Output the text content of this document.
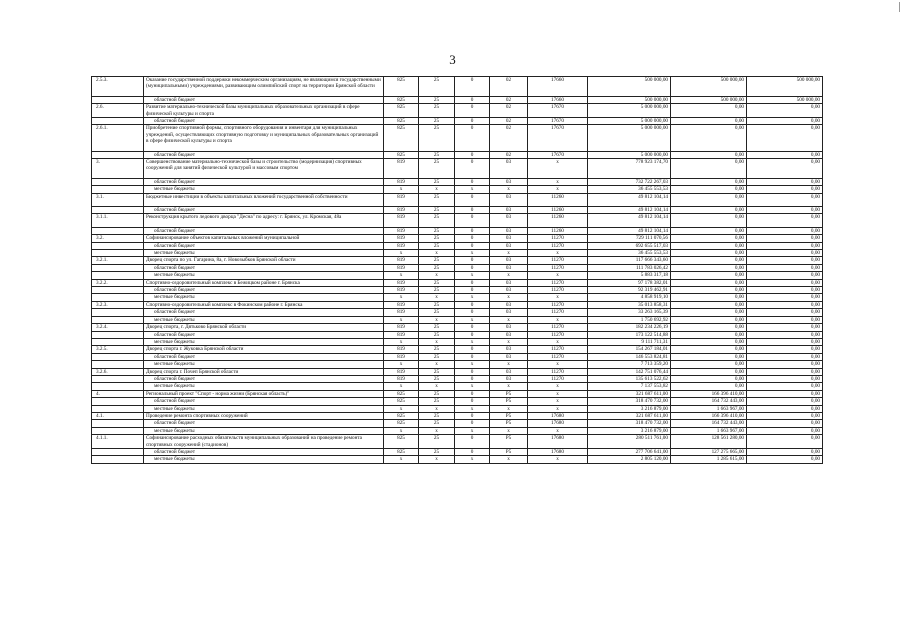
3
2.5.3.	Оказание государственной поддержки некоммерческим организациям, не являющимся государственными (муниципальными) учреждениями, развивающим олимпийский спорт на территории Брянской области	825	25	0	02	17660	500 000,00	500 000,00	500 000,00
	областной бюджет	825	25	0	02	17660	500 000,00	500 000,00	500 000,00
2.6.	Развитие материально-технической базы муниципальных образовательных организаций в сфере физической культуры и спорта	825	25	0	02	17670	5 000 000,00	0,00	0,00
	областной бюджет	825	25	0	02	17670	5 000 000,00	0,00	0,00
2.6.1.	Приобретение спортивной формы, спортивного оборудования и инвентаря для муниципальных учреждений, осуществляющих спортивную подготовку и муниципальных образовательных организаций в сфере физической культуры и спорта	825	25	0	02	17670	5 000 000,00	0,00	0,00
	областной бюджет	825	25	0	02	17670	5 000 000,00	0,00	0,00
3.	Совершенствование материально-технической базы и строительство (модернизация) спортивных сооружений для занятий физической культурой и массовым спортом	819	25	0	03	х	778 923 174,70	0,00	0,00
	областной бюджет	819	25	0	03	х	732 722 267,03	0,00	0,00
	местные бюджеты	х	х	х	х	х	36 455 553,53	0,00	0,00
3.1.	Бюджетные инвестиции в объекты капитальных вложений государственной собственности	819	25	0	03	11260	49 812 104,14	0,00	0,00
	областной бюджет	819	25	0	03	11260	49 812 104,14	0,00	0,00
3.1.1.	Реконструкция крытого ледового дворца "Десна" по адресу: г. Брянск, ул. Кромская, 48а	819	25	0	03	11260	49 812 104,14	0,00	0,00
	областной бюджет	819	25	0	03	11260	49 812 104,14	0,00	0,00
3.2.	Софинансирование объектов капитальных вложений муниципальной	819	25	0	03	11270	729 111 070,56	0,00	0,00
	областной бюджет	819	25	0	03	11270	692 655 517,03	0,00	0,00
	местные бюджеты	х	х	х	х	х	36 455 553,53	0,00	0,00
3.2.1.	Дворец спорта по ул. Гагарина, 8а, г. Новозыбков Брянской области	819	25	0	03	11270	117 666 343,60	0,00	0,00
	областной бюджет	819	25	0	03	11270	111 783 026,42	0,00	0,00
	местные бюджеты	х	х	х	х	х	5 883 317,18	0,00	0,00
3.2.2.	Спортивно-оздоровительный комплекс в Бежицком районе г. Брянска	819	25	0	03	11270	97 178 382,01	0,00	0,00
	областной бюджет	819	25	0	03	11270	92 319 462,91	0,00	0,00
	местные бюджеты	х	х	х	х	х	4 858 919,10	0,00	0,00
3.2.3.	Спортивно-оздоровительный комплекс в Фокинском районе г. Брянска	819	25	0	03	11270	35 013 858,31	0,00	0,00
	областной бюджет	819	25	0	03	11270	33 263 165,39	0,00	0,00
	местные бюджеты	х	х	х	х	х	1 750 692,92	0,00	0,00
3.2.4.	Дворец спорта, г. Дятьково Брянской области	819	25	0	03	11270	182 234 226,19	0,00	0,00
	областной бюджет	819	25	0	03	11270	173 122 514,88	0,00	0,00
	местные бюджеты	х	х	х	х	х	9 111 711,31	0,00	0,00
3.2.5.	Дворец спорта г. Жуковка Брянской области	819	25	0	03	11270	154 267 184,01	0,00	0,00
	областной бюджет	819	25	0	03	11270	146 553 824,81	0,00	0,00
	местные бюджеты	х	х	х	х	х	7 713 359,20	0,00	0,00
3.2.6.	Дворец спорта г. Почеп Брянской области	819	25	0	03	11270	142 751 076,44	0,00	0,00
	областной бюджет	819	25	0	03	11270	135 613 522,62	0,00	0,00
	местные бюджеты	х	х	х	х	х	7 137 553,82	0,00	0,00
4.	Региональный проект "Спорт - норма жизни (Брянская область)"	825	25	0	P5	х	321 687 611,00	166 396 410,00	0,00
	областной бюджет	825	25	0	P5	х	318 470 732,00	164 732 443,00	0,00
	местные бюджеты	х	х	х	х	х	3 216 879,00	1 663 967,00	0,00
4.1.	Проведение ремонта спортивных сооружений	825	25	0	P5	17680	321 687 611,00	166 396 410,00	0,00
	областной бюджет	825	25	0	P5	17680	318 470 732,00	164 732 443,00	0,00
	местные бюджеты	х	х	х	х	х	3 216 879,00	1 663 967,00	0,00
4.1.1.	Софинансирование расходных обязательств муниципальных образований на проведение ремонта спортивных сооружений (стадионов)	825	25	0	P5	17680	280 511 761,00	128 561 280,00	0,00
	областной бюджет	825	25	0	P5	17680	277 706 641,00	127 275 665,00	0,00
	местные бюджеты	х	х	х	х	х	2 805 120,00	1 285 615,00	0,00
